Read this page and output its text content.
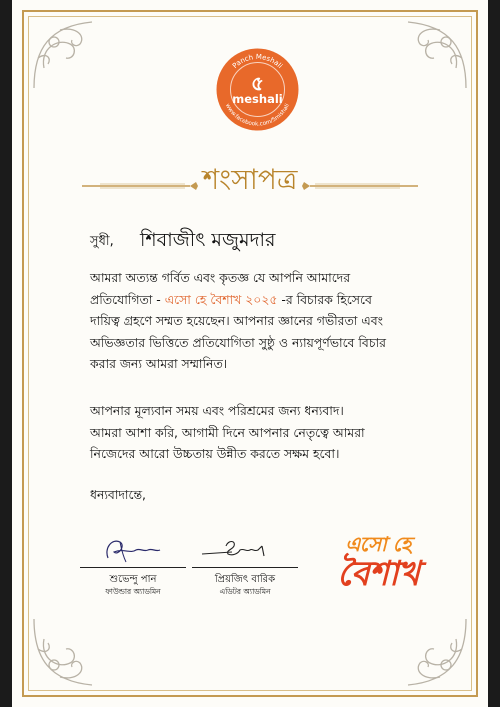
Panch Meshali
www.facebook.com/5mishali
৫
meshali
শংসাপত্র
সুধী, শিবাজীৎ মজুমদার
আমরা অত্যন্ত গর্বিত এবং কৃতজ্ঞ যে আপনি আমাদের
প্রতিযোগিতা - এসো হে বৈশাখ ২০২৫ -র বিচারক হিসেবে
দায়িত্ব গ্রহণে সম্মত হয়েছেন। আপনার জ্ঞানের গভীরতা এবং
অভিজ্ঞতার ভিত্তিতে প্রতিযোগিতা সুষ্ঠু ও ন্যায়পূর্ণভাবে বিচার
করার জন্য আমরা সম্মানিত।
আপনার মূল্যবান সময় এবং পরিশ্রমের জন্য ধন্যবাদ।
আমরা আশা করি, আগামী দিনে আপনার নেতৃত্বে আমরা
নিজেদের আরো উচ্চতায় উন্নীত করতে সক্ষম হবো।
ধন্যবাদান্তে,
শুভেন্দু পান
ফাউন্ডার অ্যাডমিন
প্রিয়জিৎ বারিক
এডিটর অ্যাডমিন
এসো হে
বৈশাখ
